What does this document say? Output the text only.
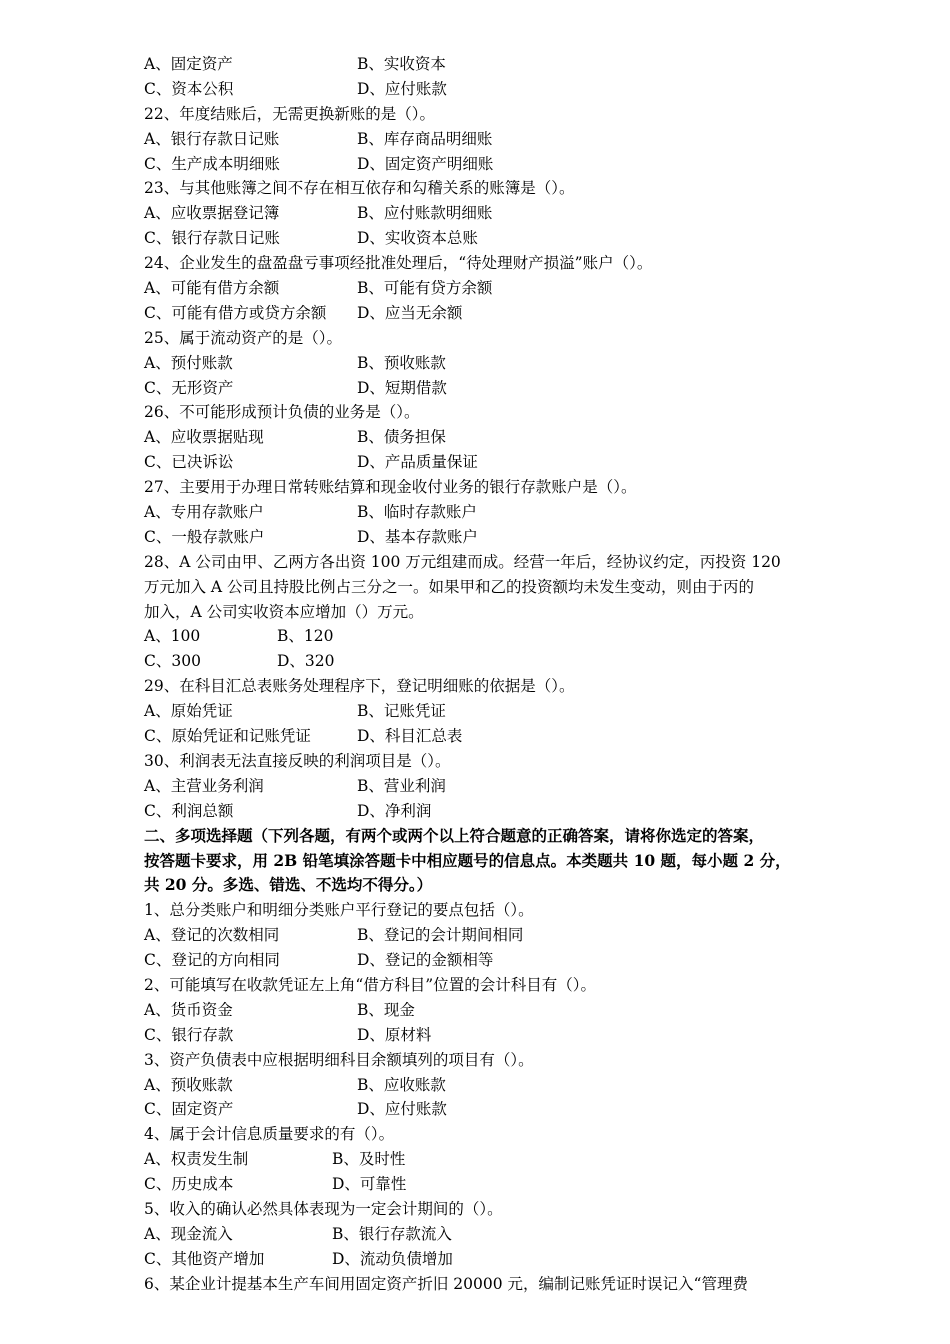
A、固定资产	B、实收资本
C、资本公积	D、应付账款
22、年度结账后，无需更换新账的是（）。
A、银行存款日记账	B、库存商品明细账
C、生产成本明细账	D、固定资产明细账
23、与其他账簿之间不存在相互依存和勾稽关系的账簿是（）。
A、应收票据登记簿	B、应付账款明细账
C、银行存款日记账	D、实收资本总账
24、企业发生的盘盈盘亏事项经批准处理后，“待处理财产损溢”账户（）。
A、可能有借方余额	B、可能有贷方余额
C、可能有借方或贷方余额 D、应当无余额
25、属于流动资产的是（）。
A、预付账款	B、预收账款
C、无形资产	D、短期借款
26、不可能形成预计负债的业务是（）。
A、应收票据贴现	B、债务担保
C、已决诉讼	D、产品质量保证
27、主要用于办理日常转账结算和现金收付业务的银行存款账户是（）。
A、专用存款账户	B、临时存款账户
C、一般存款账户	D、基本存款账户
28、A 公司由甲、乙两方各出资 100 万元组建而成。经营一年后，经协议约定，丙投资 120
万元加入 A 公司且持股比例占三分之一。如果甲和乙的投资额均未发生变动，则由于丙的
加入，A 公司实收资本应增加（）万元。
A、100	B、120
C、300	D、320
29、在科目汇总表账务处理程序下，登记明细账的依据是（）。
A、原始凭证	B、记账凭证
C、原始凭证和记账凭证	D、科目汇总表
30、利润表无法直接反映的利润项目是（）。
A、主营业务利润	B、营业利润
C、利润总额	D、净利润
二、多项选择题（下列各题，有两个或两个以上符合题意的正确答案，请将你选定的答案，
按答题卡要求，用 2B 铅笔填涂答题卡中相应题号的信息点。本类题共 10 题，每小题 2 分，
共 20 分。多选、错选、不选均不得分。）
1、总分类账户和明细分类账户平行登记的要点包括（）。
A、登记的次数相同	B、登记的会计期间相同
C、登记的方向相同	D、登记的金额相等
2、可能填写在收款凭证左上角“借方科目”位置的会计科目有（）。
A、货币资金	B、现金
C、银行存款	D、原材料
3、资产负债表中应根据明细科目余额填列的项目有（）。
A、预收账款	B、应收账款
C、固定资产	D、应付账款
4、属于会计信息质量要求的有（）。
A、权责发生制	B、及时性
C、历史成本	D、可靠性
5、收入的确认必然具体表现为一定会计期间的（）。
A、现金流入	B、银行存款流入
C、其他资产增加	D、流动负债增加
6、某企业计提基本生产车间用固定资产折旧 20000 元，编制记账凭证时误记入“管理费
